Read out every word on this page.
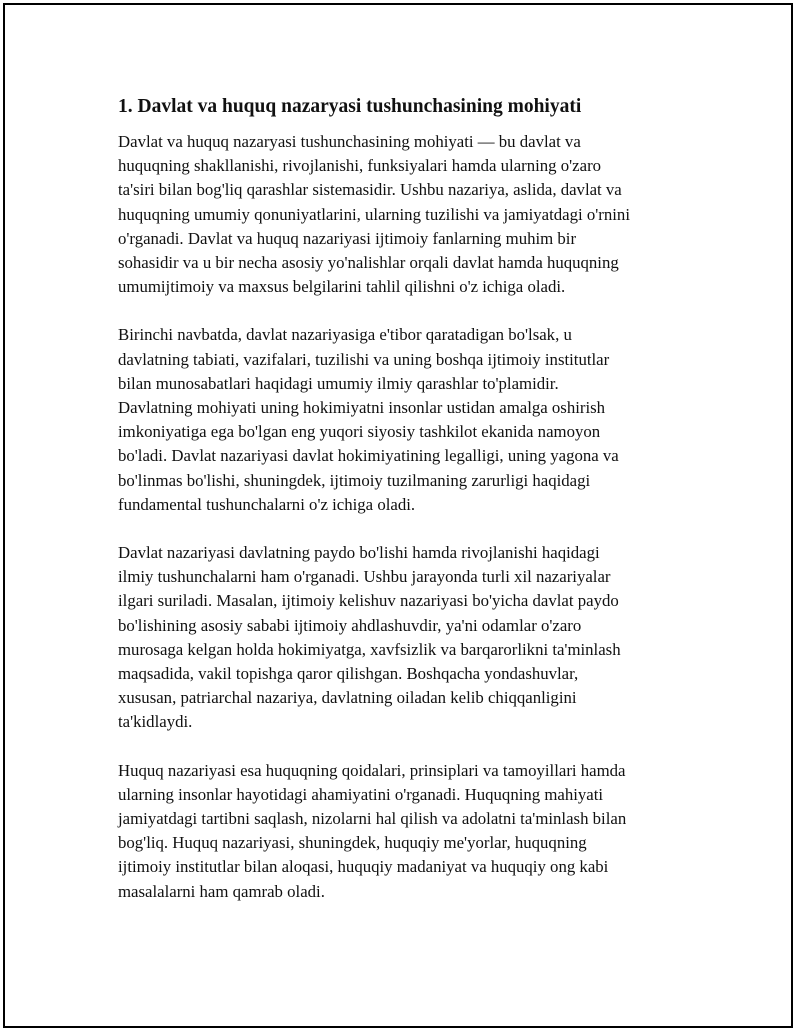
1. Davlat va huquq nazaryasi tushunchasining mohiyati

Davlat va huquq nazaryasi tushunchasining mohiyati — bu davlat va
huquqning shakllanishi, rivojlanishi, funksiyalari hamda ularning o'zaro
ta'siri bilan bog'liq qarashlar sistemasidir. Ushbu nazariya, aslida, davlat va
huquqning umumiy qonuniyatlarini, ularning tuzilishi va jamiyatdagi o'rnini
o'rganadi. Davlat va huquq nazariyasi ijtimoiy fanlarning muhim bir
sohasidir va u bir necha asosiy yo'nalishlar orqali davlat hamda huquqning
umumijtimoiy va maxsus belgilarini tahlil qilishni o'z ichiga oladi.

Birinchi navbatda, davlat nazariyasiga e'tibor qaratadigan bo'lsak, u
davlatning tabiati, vazifalari, tuzilishi va uning boshqa ijtimoiy institutlar
bilan munosabatlari haqidagi umumiy ilmiy qarashlar to'plamidir.
Davlatning mohiyati uning hokimiyatni insonlar ustidan amalga oshirish
imkoniyatiga ega bo'lgan eng yuqori siyosiy tashkilot ekanida namoyon
bo'ladi. Davlat nazariyasi davlat hokimiyatining legalligi, uning yagona va
bo'linmas bo'lishi, shuningdek, ijtimoiy tuzilmaning zarurligi haqidagi
fundamental tushunchalarni o'z ichiga oladi.

Davlat nazariyasi davlatning paydo bo'lishi hamda rivojlanishi haqidagi
ilmiy tushunchalarni ham o'rganadi. Ushbu jarayonda turli xil nazariyalar
ilgari suriladi. Masalan, ijtimoiy kelishuv nazariyasi bo'yicha davlat paydo
bo'lishining asosiy sababi ijtimoiy ahdlashuvdir, ya'ni odamlar o'zaro
murosaga kelgan holda hokimiyatga, xavfsizlik va barqarorlikni ta'minlash
maqsadida, vakil topishga qaror qilishgan. Boshqacha yondashuvlar,
xususan, patriarchal nazariya, davlatning oiladan kelib chiqqanligini
ta'kidlaydi.

Huquq nazariyasi esa huquqning qoidalari, prinsiplari va tamoyillari hamda
ularning insonlar hayotidagi ahamiyatini o'rganadi. Huquqning mahiyati
jamiyatdagi tartibni saqlash, nizolarni hal qilish va adolatni ta'minlash bilan
bog'liq. Huquq nazariyasi, shuningdek, huquqiy me'yorlar, huquqning
ijtimoiy institutlar bilan aloqasi, huquqiy madaniyat va huquqiy ong kabi
masalalarni ham qamrab oladi.
